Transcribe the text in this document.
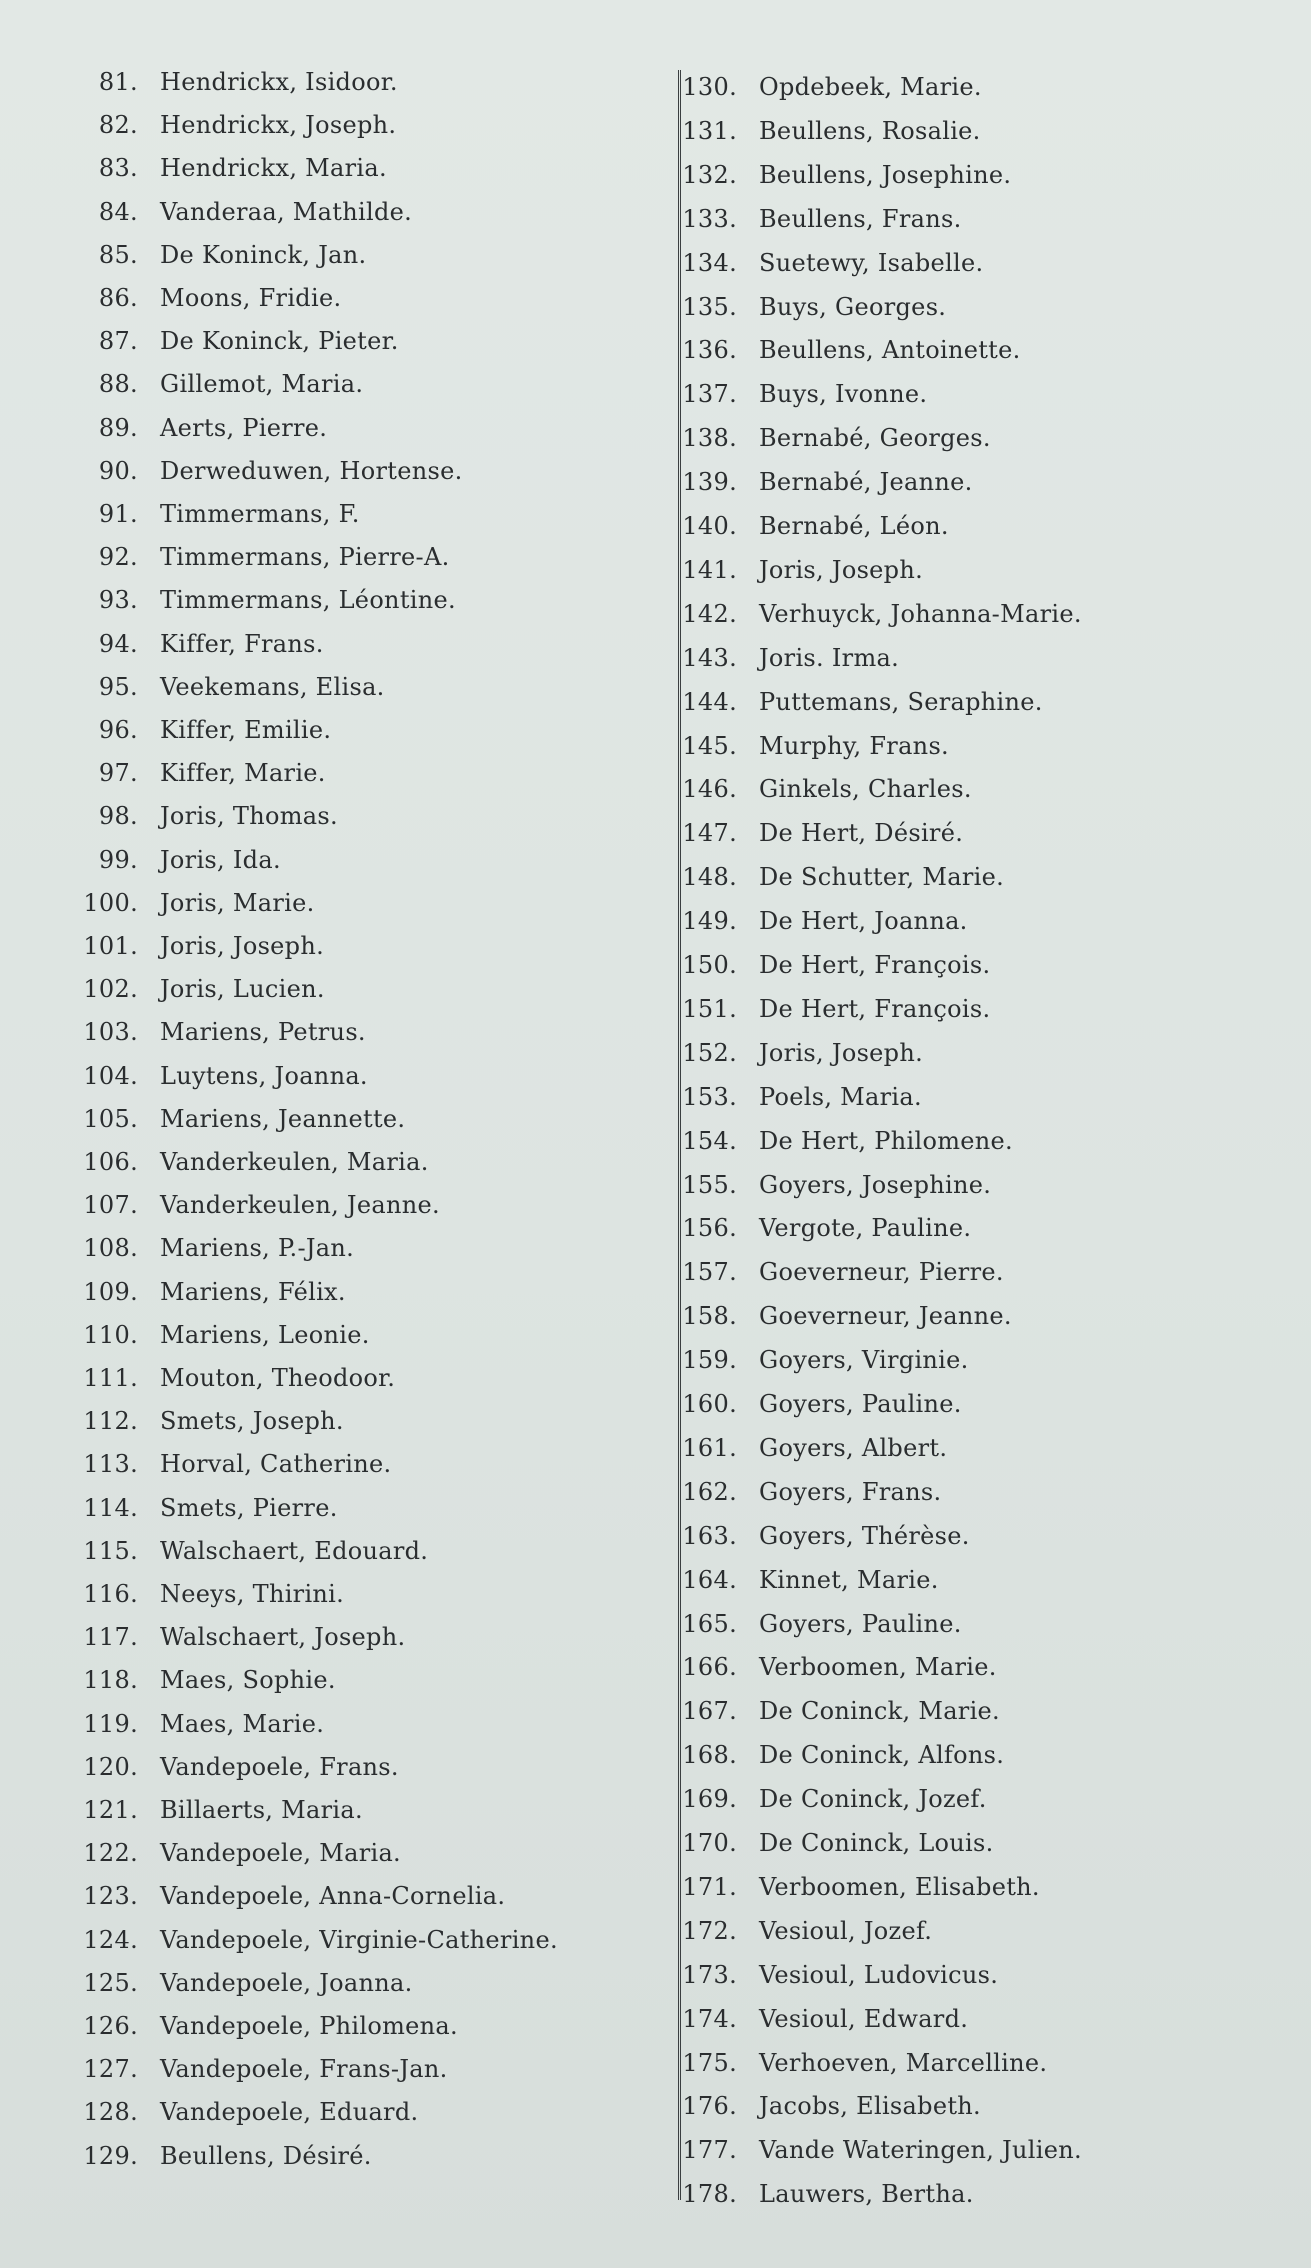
81. Hendrickx, Isidoor.
82. Hendrickx, Joseph.
83. Hendrickx, Maria.
84. Vanderaa, Mathilde.
85. De Koninck, Jan.
86. Moons, Fridie.
87. De Koninck, Pieter.
88. Gillemot, Maria.
89. Aerts, Pierre.
90. Derweduwen, Hortense.
91. Timmermans, F.
92. Timmermans, Pierre-A.
93. Timmermans, Léontine.
94. Kiffer, Frans.
95. Veekemans, Elisa.
96. Kiffer, Emilie.
97. Kiffer, Marie.
98. Joris, Thomas.
99. Joris, Ida.
100. Joris, Marie.
101. Joris, Joseph.
102. Joris, Lucien.
103. Mariens, Petrus.
104. Luytens, Joanna.
105. Mariens, Jeannette.
106. Vanderkeulen, Maria.
107. Vanderkeulen, Jeanne.
108. Mariens, P.-Jan.
109. Mariens, Félix.
110. Mariens, Leonie.
111. Mouton, Theodoor.
112. Smets, Joseph.
113. Horval, Catherine.
114. Smets, Pierre.
115. Walschaert, Edouard.
116. Neeys, Thirini.
117. Walschaert, Joseph.
118. Maes, Sophie.
119. Maes, Marie.
120. Vandepoele, Frans.
121. Billaerts, Maria.
122. Vandepoele, Maria.
123. Vandepoele, Anna-Cornelia.
124. Vandepoele, Virginie-Catherine.
125. Vandepoele, Joanna.
126. Vandepoele, Philomena.
127. Vandepoele, Frans-Jan.
128. Vandepoele, Eduard.
129. Beullens, Désiré.
130. Opdebeek, Marie.
131. Beullens, Rosalie.
132. Beullens, Josephine.
133. Beullens, Frans.
134. Suetewy, Isabelle.
135. Buys, Georges.
136. Beullens, Antoinette.
137. Buys, Ivonne.
138. Bernabé, Georges.
139. Bernabé, Jeanne.
140. Bernabé, Léon.
141. Joris, Joseph.
142. Verhuyck, Johanna-Marie.
143. Joris. Irma.
144. Puttemans, Seraphine.
145. Murphy, Frans.
146. Ginkels, Charles.
147. De Hert, Désiré.
148. De Schutter, Marie.
149. De Hert, Joanna.
150. De Hert, François.
151. De Hert, François.
152. Joris, Joseph.
153. Poels, Maria.
154. De Hert, Philomene.
155. Goyers, Josephine.
156. Vergote, Pauline.
157. Goeverneur, Pierre.
158. Goeverneur, Jeanne.
159. Goyers, Virginie.
160. Goyers, Pauline.
161. Goyers, Albert.
162. Goyers, Frans.
163. Goyers, Thérèse.
164. Kinnet, Marie.
165. Goyers, Pauline.
166. Verboomen, Marie.
167. De Coninck, Marie.
168. De Coninck, Alfons.
169. De Coninck, Jozef.
170. De Coninck, Louis.
171. Verboomen, Elisabeth.
172. Vesioul, Jozef.
173. Vesioul, Ludovicus.
174. Vesioul, Edward.
175. Verhoeven, Marcelline.
176. Jacobs, Elisabeth.
177. Vande Wateringen, Julien.
178. Lauwers, Bertha.
